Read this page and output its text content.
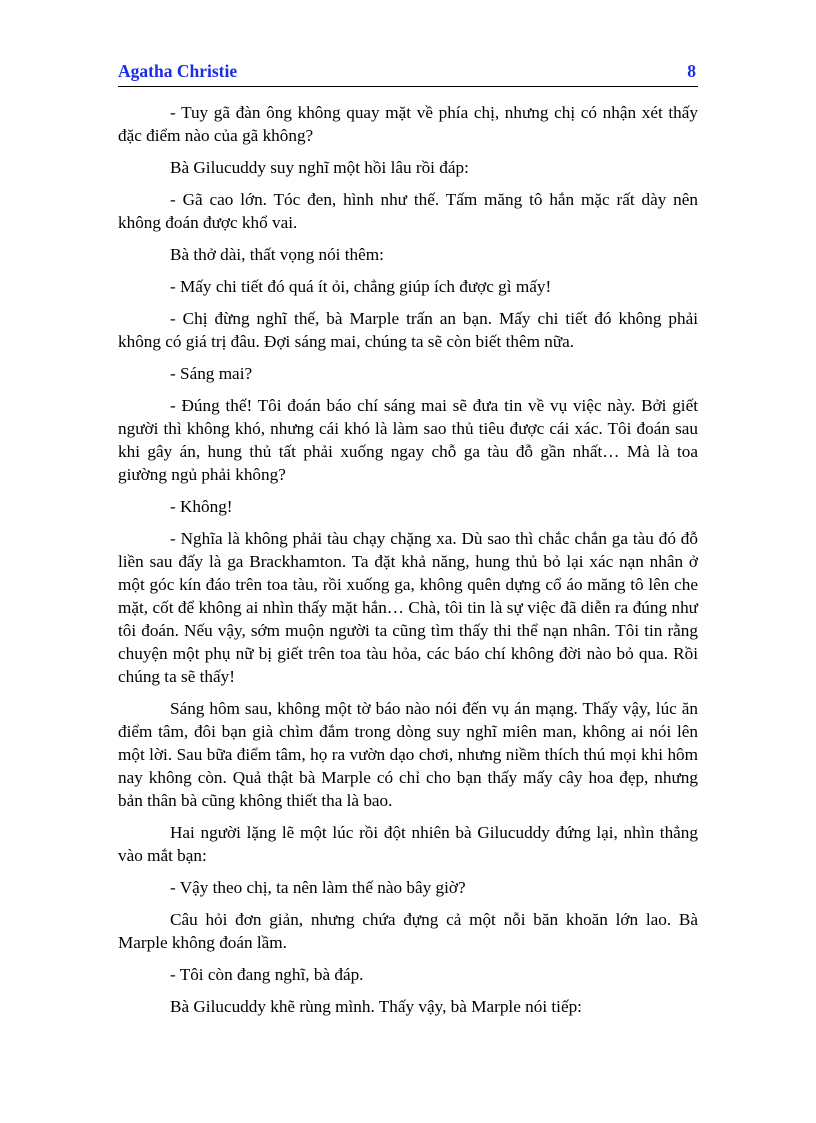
Agatha Christie	8

- Tuy gã đàn ông không quay mặt về phía chị, nhưng chị có nhận xét thấy đặc điểm nào của gã không?

Bà Gilucuddy suy nghĩ một hồi lâu rồi đáp:

- Gã cao lớn. Tóc đen, hình như thế. Tấm măng tô hắn mặc rất dày nên không đoán được khổ vai.

Bà thở dài, thất vọng nói thêm:

- Mấy chi tiết đó quá ít ỏi, chẳng giúp ích được gì mấy!

- Chị đừng nghĩ thế, bà Marple trấn an bạn. Mấy chi tiết đó không phải không có giá trị đâu. Đợi sáng mai, chúng ta sẽ còn biết thêm nữa.

- Sáng mai?

- Đúng thế! Tôi đoán báo chí sáng mai sẽ đưa tin về vụ việc này. Bởi giết người thì không khó, nhưng cái khó là làm sao thủ tiêu được cái xác. Tôi đoán sau khi gây án, hung thủ tất phải xuống ngay chỗ ga tàu đỗ gần nhất… Mà là toa giường ngủ phải không?

- Không!

- Nghĩa là không phải tàu chạy chặng xa. Dù sao thì chắc chắn ga tàu đó đỗ liền sau đấy là ga Brackhamton. Ta đặt khả năng, hung thủ bỏ lại xác nạn nhân ở một góc kín đáo trên toa tàu, rồi xuống ga, không quên dựng cổ áo măng tô lên che mặt, cốt để không ai nhìn thấy mặt hắn… Chà, tôi tin là sự việc đã diễn ra đúng như tôi đoán. Nếu vậy, sớm muộn người ta cũng tìm thấy thi thể nạn nhân. Tôi tin rằng chuyện một phụ nữ bị giết trên toa tàu hỏa, các báo chí không đời nào bỏ qua. Rồi chúng ta sẽ thấy!

Sáng hôm sau, không một tờ báo nào nói đến vụ án mạng. Thấy vậy, lúc ăn điểm tâm, đôi bạn già chìm đắm trong dòng suy nghĩ miên man, không ai nói lên một lời. Sau bữa điểm tâm, họ ra vườn dạo chơi, nhưng niềm thích thú mọi khi hôm nay không còn. Quả thật bà Marple có chỉ cho bạn thấy mấy cây hoa đẹp, nhưng bản thân bà cũng không thiết tha là bao.

Hai người lặng lẽ một lúc rồi đột nhiên bà Gilucuddy đứng lại, nhìn thẳng vào mắt bạn:

- Vậy theo chị, ta nên làm thế nào bây giờ?

Câu hỏi đơn giản, nhưng chứa đựng cả một nỗi băn khoăn lớn lao. Bà Marple không đoán lầm.

- Tôi còn đang nghĩ, bà đáp.

Bà Gilucuddy khẽ rùng mình. Thấy vậy, bà Marple nói tiếp:
